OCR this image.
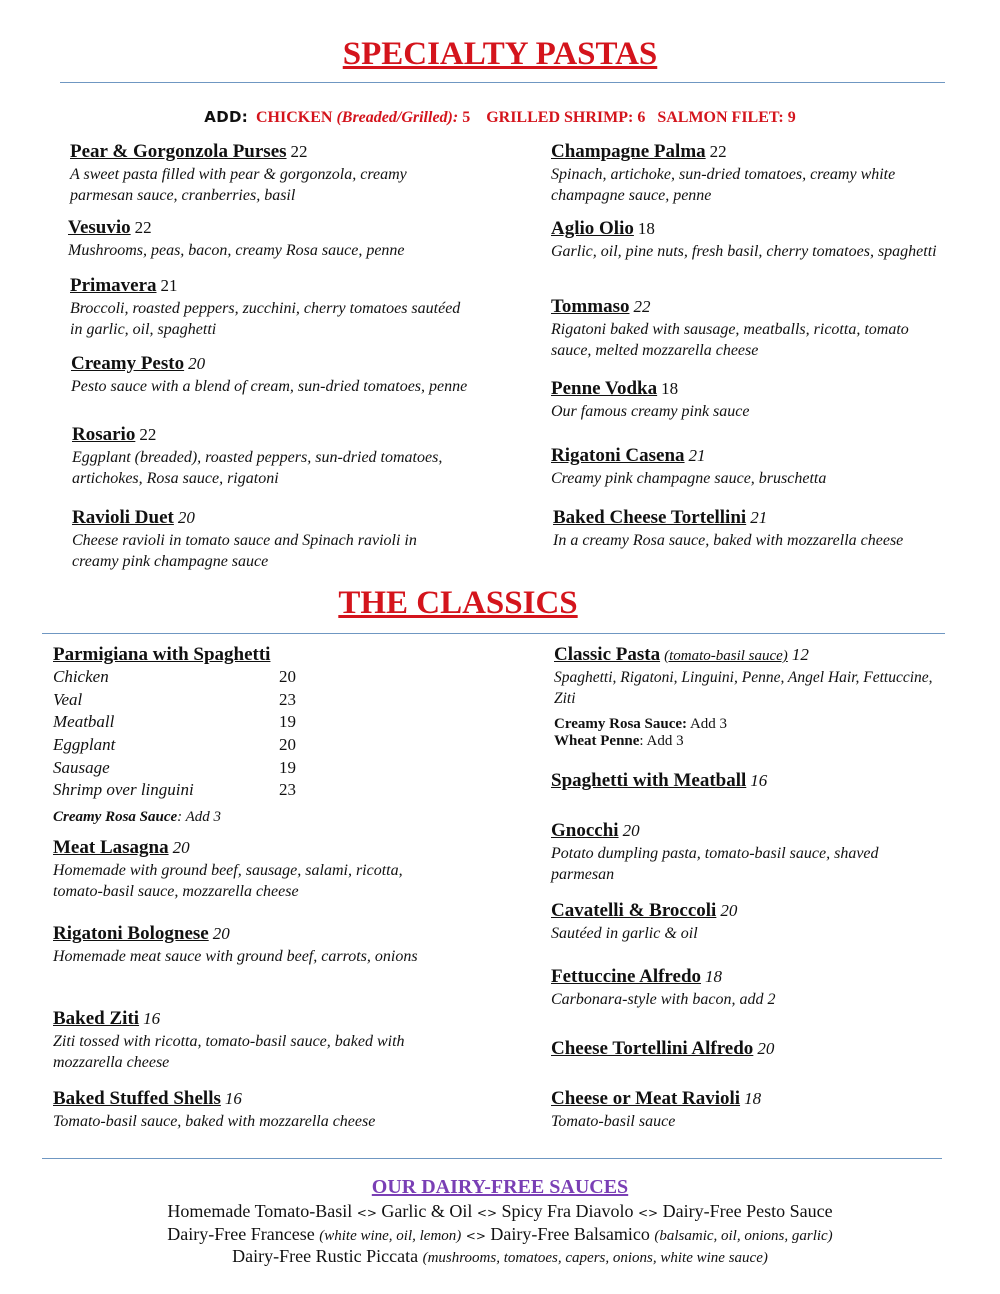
SPECIALTY PASTAS
ADD: CHICKEN (Breaded/Grilled): 5 GRILLED SHRIMP: 6 SALMON FILET: 9
Pear & Gorgonzola Purses 22
A sweet pasta filled with pear & gorgonzola, creamy parmesan sauce, cranberries, basil
Vesuvio 22
Mushrooms, peas, bacon, creamy Rosa sauce, penne
Primavera 21
Broccoli, roasted peppers, zucchini, cherry tomatoes sautéed in garlic, oil, spaghetti
Creamy Pesto 20
Pesto sauce with a blend of cream, sun-dried tomatoes, penne
Rosario 22
Eggplant (breaded), roasted peppers, sun-dried tomatoes, artichokes, Rosa sauce, rigatoni
Ravioli Duet 20
Cheese ravioli in tomato sauce and Spinach ravioli in creamy pink champagne sauce
Champagne Palma 22
Spinach, artichoke, sun-dried tomatoes, creamy white champagne sauce, penne
Aglio Olio 18
Garlic, oil, pine nuts, fresh basil, cherry tomatoes, spaghetti
Tommaso 22
Rigatoni baked with sausage, meatballs, ricotta, tomato sauce, melted mozzarella cheese
Penne Vodka 18
Our famous creamy pink sauce
Rigatoni Casena 21
Creamy pink champagne sauce, bruschetta
Baked Cheese Tortellini 21
In a creamy Rosa sauce, baked with mozzarella cheese
THE CLASSICS
Parmigiana with Spaghetti
Chicken	20
Veal	23
Meatball	19
Eggplant	20
Sausage	19
Shrimp over linguini	23
Creamy Rosa Sauce: Add 3
Meat Lasagna 20
Homemade with ground beef, sausage, salami, ricotta, tomato-basil sauce, mozzarella cheese
Rigatoni Bolognese 20
Homemade meat sauce with ground beef, carrots, onions
Baked Ziti 16
Ziti tossed with ricotta, tomato-basil sauce, baked with mozzarella cheese
Baked Stuffed Shells 16
Tomato-basil sauce, baked with mozzarella cheese
Classic Pasta (tomato-basil sauce) 12
Spaghetti, Rigatoni, Linguini, Penne, Angel Hair, Fettuccine, Ziti
Creamy Rosa Sauce: Add 3
Wheat Penne: Add 3
Spaghetti with Meatball 16
Gnocchi 20
Potato dumpling pasta, tomato-basil sauce, shaved parmesan
Cavatelli & Broccoli 20
Sautéed in garlic & oil
Fettuccine Alfredo 18
Carbonara-style with bacon, add 2
Cheese Tortellini Alfredo 20
Cheese or Meat Ravioli 18
Tomato-basil sauce
OUR DAIRY-FREE SAUCES
Homemade Tomato-Basil <> Garlic & Oil <> Spicy Fra Diavolo <> Dairy-Free Pesto Sauce
Dairy-Free Francese (white wine, oil, lemon) <> Dairy-Free Balsamico (balsamic, oil, onions, garlic)
Dairy-Free Rustic Piccata (mushrooms, tomatoes, capers, onions, white wine sauce)
